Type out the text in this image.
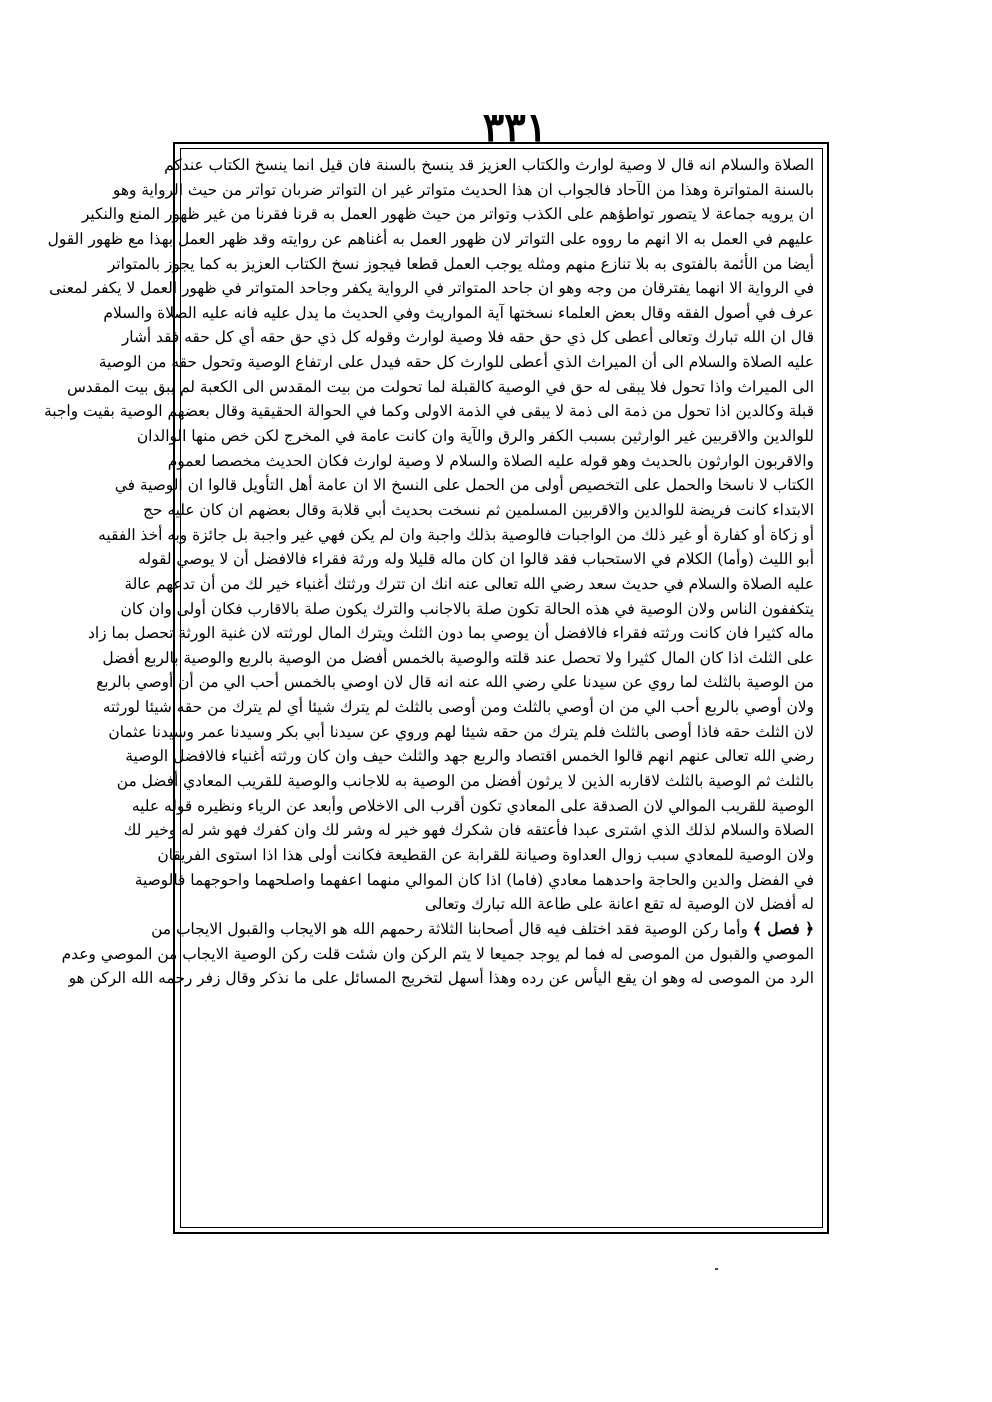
٣٣١
الصلاة والسلام انه قال لا وصية لوارث والكتاب العزيز قد ينسخ بالسنة فان قيل انما ينسخ الكتاب عندكم
بالسنة المتواترة وهذا من الآحاد فالجواب ان هذا الحديث متواتر غير ان التواتر ضربان تواتر من حيث الرواية وهو
ان يرويه جماعة لا يتصور تواطؤهم على الكذب وتواتر من حيث ظهور العمل به قرنا فقرنا من غير ظهور المنع والنكير
عليهم في العمل به الا انهم ما رووه على التواتر لان ظهور العمل به أغناهم عن روايته وقد ظهر العمل بهذا مع ظهور القول
أيضا من الأئمة بالفتوى به بلا تنازع منهم ومثله يوجب العمل قطعا فيجوز نسخ الكتاب العزيز به كما يجوز بالمتواتر
في الرواية الا انهما يفترقان من وجه وهو ان جاحد المتواتر في الرواية يكفر وجاحد المتواتر في ظهور العمل لا يكفر لمعنى
عرف في أصول الفقه وقال بعض العلماء نسختها آية المواريث وفي الحديث ما يدل عليه فانه عليه الصلاة والسلام
قال ان الله تبارك وتعالى أعطى كل ذي حق حقه فلا وصية لوارث وقوله كل ذي حق حقه أي كل حقه فقد أشار
عليه الصلاة والسلام الى أن الميراث الذي أعطى للوارث كل حقه فيدل على ارتفاع الوصية وتحول حقه من الوصية
الى الميراث واذا تحول فلا يبقى له حق في الوصية كالقبلة لما تحولت من بيت المقدس الى الكعبة لم يبق بيت المقدس
قبلة وكالدين اذا تحول من ذمة الى ذمة لا يبقى في الذمة الاولى وكما في الحوالة الحقيقية وقال بعضهم الوصية بقيت واجبة
للوالدين والاقربين غير الوارثين بسبب الكفر والرق والآية وان كانت عامة في المخرج لكن خص منها الوالدان
والاقربون الوارثون بالحديث وهو قوله عليه الصلاة والسلام لا وصية لوارث فكان الحديث مخصصا لعموم
الكتاب لا ناسخا والحمل على التخصيص أولى من الحمل على النسخ الا ان عامة أهل التأويل قالوا ان الوصية في
الابتداء كانت فريضة للوالدين والاقربين المسلمين ثم نسخت بحديث أبي قلابة وقال بعضهم ان كان عليه حج
أو زكاة أو كفارة أو غير ذلك من الواجبات فالوصية بذلك واجبة وان لم يكن فهي غير واجبة بل جائزة وبه أخذ الفقيه
أبو الليث (وأما) الكلام في الاستحباب فقد قالوا ان كان ماله قليلا وله ورثة فقراء فالافضل أن لا يوصي لقوله
عليه الصلاة والسلام في حديث سعد رضي الله تعالى عنه انك ان تترك ورثتك أغنياء خير لك من أن تدعهم عالة
يتكففون الناس ولان الوصية في هذه الحالة تكون صلة بالاجانب والترك يكون صلة بالاقارب فكان أولى وان كان
ماله كثيرا فان كانت ورثته فقراء فالافضل أن يوصي بما دون الثلث ويترك المال لورثته لان غنية الورثة تحصل بما زاد
على الثلث اذا كان المال كثيرا ولا تحصل عند قلته والوصية بالخمس أفضل من الوصية بالربع والوصية بالربع أفضل
من الوصية بالثلث لما روي عن سيدنا علي رضي الله عنه انه قال لان اوصي بالخمس أحب الي من أن أوصي بالربع
ولان أوصي بالربع أحب الي من ان أوصي بالثلث ومن أوصى بالثلث لم يترك شيئا أي لم يترك من حقه شيئا لورثته
لان الثلث حقه فاذا أوصى بالثلث فلم يترك من حقه شيئا لهم وروي عن سيدنا أبي بكر وسيدنا عمر وسيدنا عثمان
رضي الله تعالى عنهم انهم قالوا الخمس اقتصاد والربع جهد والثلث حيف وان كان ورثته أغنياء فالافضل الوصية
بالثلث ثم الوصية بالثلث لاقاربه الذين لا يرثون أفضل من الوصية به للاجانب والوصية للقريب المعادي أفضل من
الوصية للقريب الموالي لان الصدقة على المعادي تكون أقرب الى الاخلاص وأبعد عن الرياء ونظيره قوله عليه
الصلاة والسلام لذلك الذي اشترى عبدا فأعتقه فان شكرك فهو خير له وشر لك وان كفرك فهو شر له وخير لك
ولان الوصية للمعادي سبب زوال العداوة وصيانة للقرابة عن القطيعة فكانت أولى هذا اذا استوى الفريقان
في الفضل والدين والحاجة واحدهما معادي (فاما) اذا كان الموالي منهما اعفهما واصلحهما واحوجهما فالوصية
له أفضل لان الوصية له تقع اعانة على طاعة الله تبارك وتعالى
﴿ فصل ﴾ وأما ركن الوصية فقد اختلف فيه قال أصحابنا الثلاثة رحمهم الله هو الايجاب والقبول الايجاب من
الموصي والقبول من الموصى له فما لم يوجد جميعا لا يتم الركن وان شئت قلت ركن الوصية الايجاب من الموصي وعدم
الرد من الموصى له وهو ان يقع اليأس عن رده وهذا أسهل لتخريج المسائل على ما نذكر وقال زفر رحمه الله الركن هو
